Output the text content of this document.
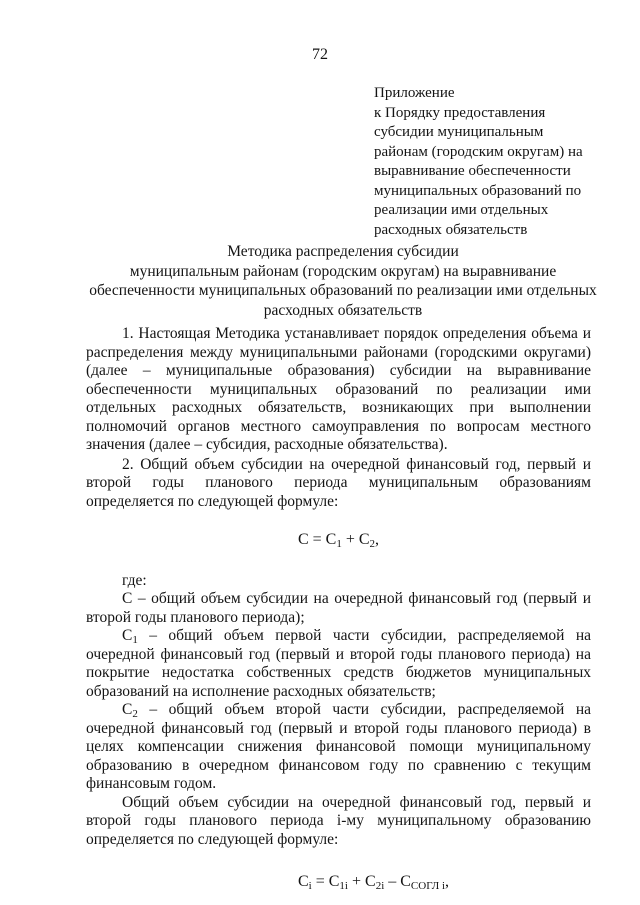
72
Приложение
к Порядку предоставления
субсидии муниципальным
районам (городским округам) на
выравнивание обеспеченности
муниципальных образований по
реализации ими отдельных
расходных обязательств
Методика распределения субсидии
муниципальным районам (городским округам) на выравнивание
обеспеченности муниципальных образований по реализации ими отдельных
расходных обязательств

1. Настоящая Методика устанавливает порядок определения объема и распределения между муниципальными районами (городскими округами) (далее – муниципальные образования) субсидии на выравнивание обеспеченности муниципальных образований по реализации ими отдельных расходных обязательств, возникающих при выполнении полномочий органов местного самоуправления по вопросам местного значения (далее – субсидия, расходные обязательства).

2. Общий объем субсидии на очередной финансовый год, первый и второй годы планового периода муниципальным образованиям определяется по следующей формуле:

$С = С_1 + С_2$,

где:

С – общий объем субсидии на очередной финансовый год (первый и второй годы планового периода);

$С_1$ – общий объем первой части субсидии, распределяемой на очередной финансовый год (первый и второй годы планового периода) на покрытие недостатка собственных средств бюджетов муниципальных образований на исполнение расходных обязательств;

$С_2$ – общий объем второй части субсидии, распределяемой на очередной финансовый год (первый и второй годы планового периода) в целях компенсации снижения финансовой помощи муниципальному образованию в очередном финансовом году по сравнению с текущим финансовым годом.

Общий объем субсидии на очередной финансовый год, первый и второй годы планового периода i-му муниципальному образованию определяется по следующей формуле:

$С_i = С_{1i} + С_{2i} - С_{СОГЛ i}$,
